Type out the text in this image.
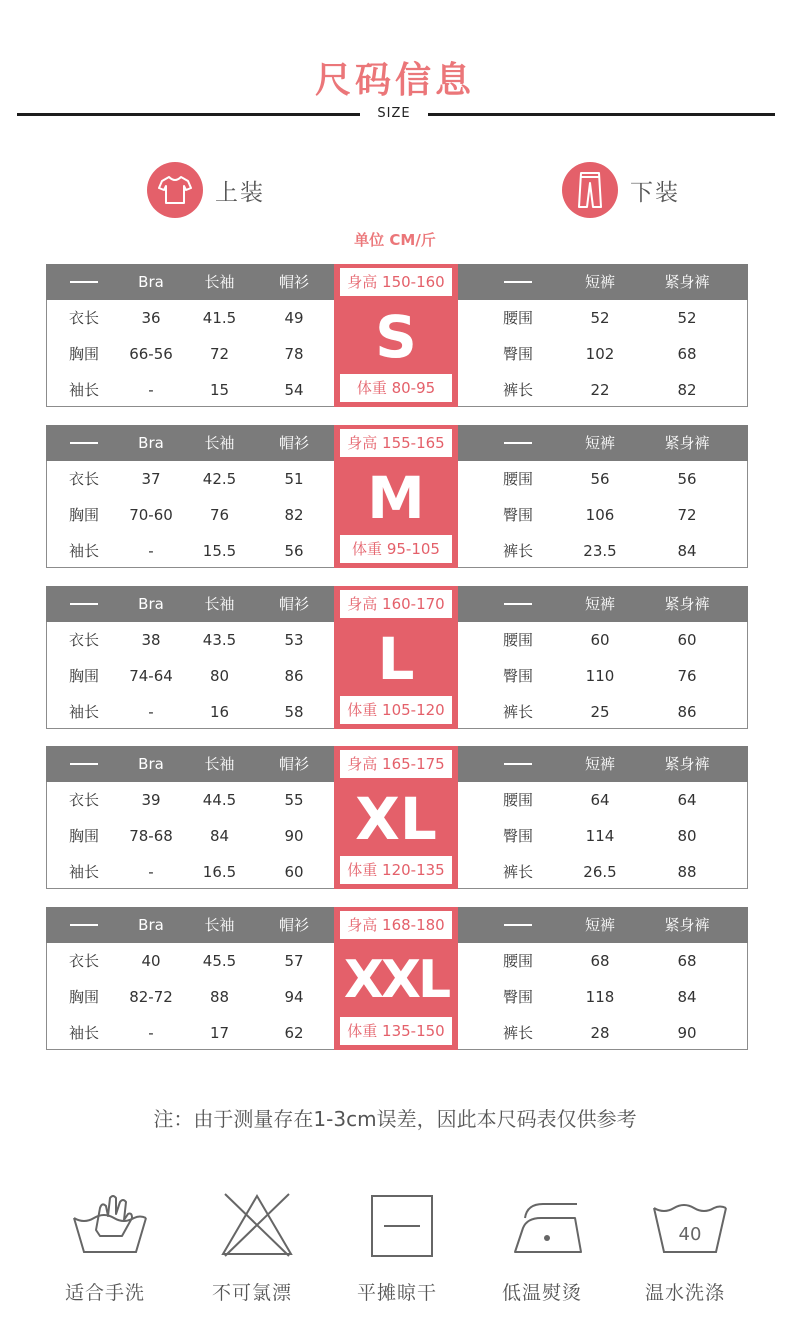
尺码信息
SIZE
上装	下装
单位 CM/斤
Bra	长袖	帽衫	短裤	紧身裤
衣长	36	41.5	49	腰围	52	52
胸围	66-56	72	78	臀围	102	68
袖长	-	15	54	裤长	22	82
身高 150-160
S
体重 80-95
Bra	长袖	帽衫	短裤	紧身裤
衣长	37	42.5	51	腰围	56	56
胸围	70-60	76	82	臀围	106	72
袖长	-	15.5	56	裤长	23.5	84
身高 155-165
M
体重 95-105
Bra	长袖	帽衫	短裤	紧身裤
衣长	38	43.5	53	腰围	60	60
胸围	74-64	80	86	臀围	110	76
袖长	-	16	58	裤长	25	86
身高 160-170
L
体重 105-120
Bra	长袖	帽衫	短裤	紧身裤
衣长	39	44.5	55	腰围	64	64
胸围	78-68	84	90	臀围	114	80
袖长	-	16.5	60	裤长	26.5	88
身高 165-175
XL
体重 120-135
Bra	长袖	帽衫	短裤	紧身裤
衣长	40	45.5	57	腰围	68	68
胸围	82-72	88	94	臀围	118	84
袖长	-	17	62	裤长	28	90
身高 168-180
XXL
体重 135-150
注：由于测量存在1-3cm误差，因此本尺码表仅供参考
适合手洗	不可氯漂	平摊晾干	低温熨烫
40
温水洗涤
